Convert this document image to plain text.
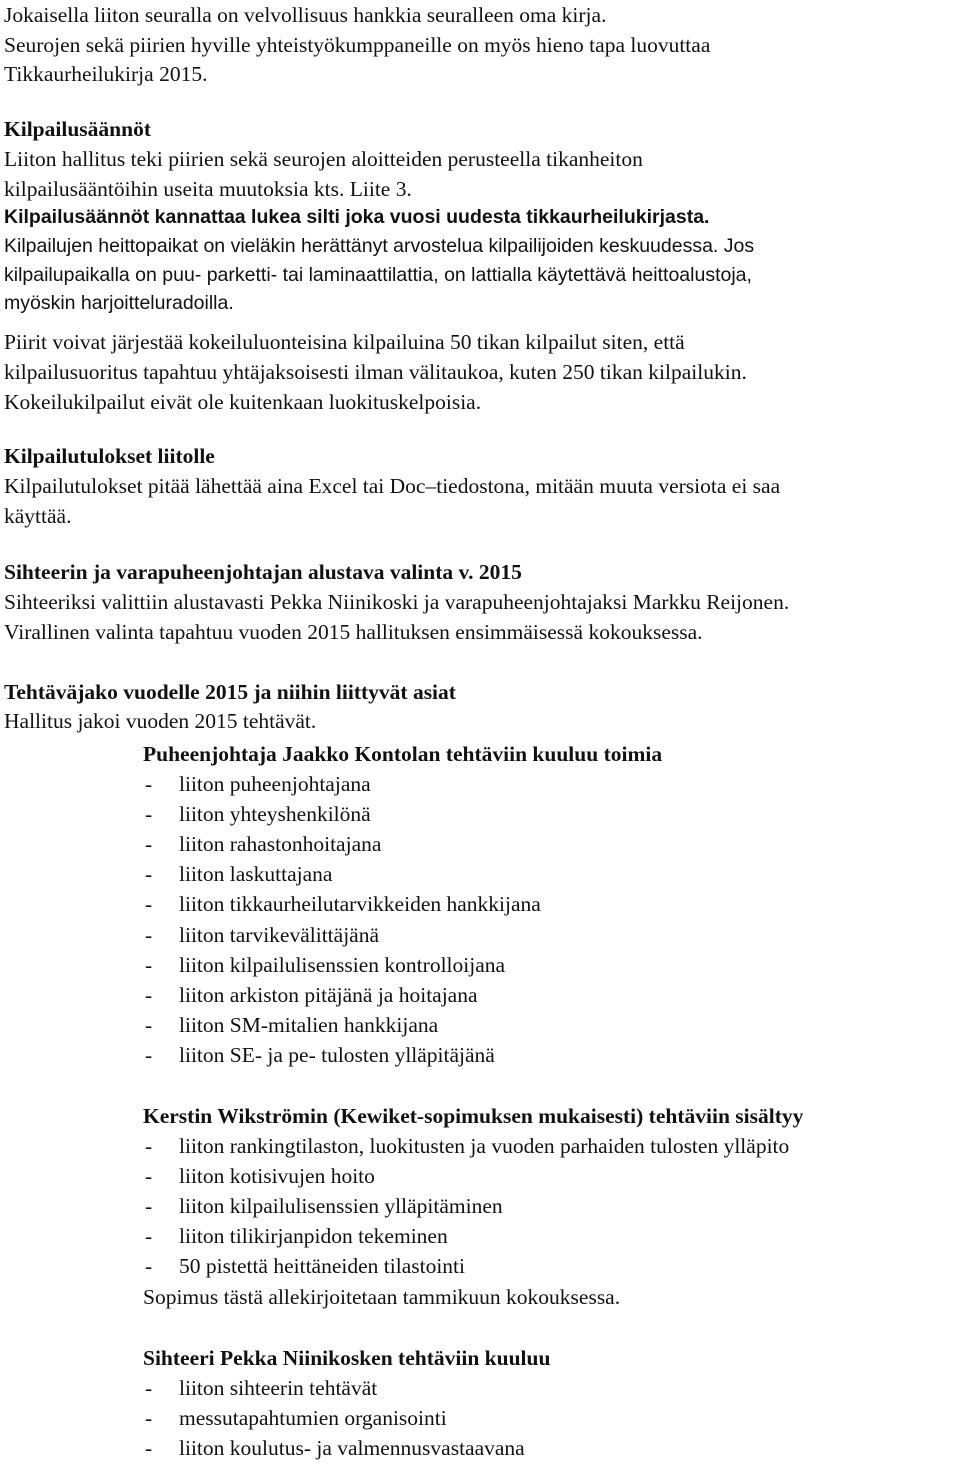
Jokaisella liiton seuralla on velvollisuus hankkia seuralleen oma kirja.
Seurojen sekä piirien hyville yhteistyökumppaneille on myös hieno tapa luovuttaa
Tikkaurheilukirja 2015.
Kilpailusäännöt
Liiton hallitus teki piirien sekä seurojen aloitteiden perusteella tikanheiton
kilpailusääntöihin useita muutoksia kts. Liite 3.
Kilpailusäännöt kannattaa lukea silti joka vuosi uudesta tikkaurheilukirjasta.
Kilpailujen heittopaikat on vieläkin herättänyt arvostelua kilpailijoiden keskuudessa. Jos
kilpailupaikalla on puu- parketti- tai laminaattilattia, on lattialla käytettävä heittoalustoja,
myöskin harjoitteluradoilla.
Piirit voivat järjestää kokeiluluonteisina kilpailuina 50 tikan kilpailut siten, että
kilpailusuoritus tapahtuu yhtäjaksoisesti ilman välitaukoa, kuten 250 tikan kilpailukin.
Kokeilukilpailut eivät ole kuitenkaan luokituskelpoisia.
Kilpailutulokset liitolle
Kilpailutulokset pitää lähettää aina Excel tai Doc–tiedostona, mitään muuta versiota ei saa
käyttää.
Sihteerin ja varapuheenjohtajan alustava valinta v. 2015
Sihteeriksi valittiin alustavasti Pekka Niinikoski ja varapuheenjohtajaksi Markku Reijonen.
Virallinen valinta tapahtuu vuoden 2015 hallituksen ensimmäisessä kokouksessa.
Tehtäväjako vuodelle 2015 ja niihin liittyvät asiat
Hallitus jakoi vuoden 2015 tehtävät.
Puheenjohtaja Jaakko Kontolan tehtäviin kuuluu toimia
- liiton puheenjohtajana
- liiton yhteyshenkilönä
- liiton rahastonhoitajana
- liiton laskuttajana
- liiton tikkaurheilutarvikkeiden hankkijana
- liiton tarvikevälittäjänä
- liiton kilpailulisenssien kontrolloijana
- liiton arkiston pitäjänä ja hoitajana
- liiton SM-mitalien hankkijana
- liiton SE- ja pe- tulosten ylläpitäjänä
Kerstin Wikströmin (Kewiket-sopimuksen mukaisesti) tehtäviin sisältyy
- liiton rankingtilaston, luokitusten ja vuoden parhaiden tulosten ylläpito
- liiton kotisivujen hoito
- liiton kilpailulisenssien ylläpitäminen
- liiton tilikirjanpidon tekeminen
- 50 pistettä heittäneiden tilastointi
Sopimus tästä allekirjoitetaan tammikuun kokouksessa.
Sihteeri Pekka Niinikosken tehtäviin kuuluu
- liiton sihteerin tehtävät
- messutapahtumien organisointi
- liiton koulutus- ja valmennusvastaavana
